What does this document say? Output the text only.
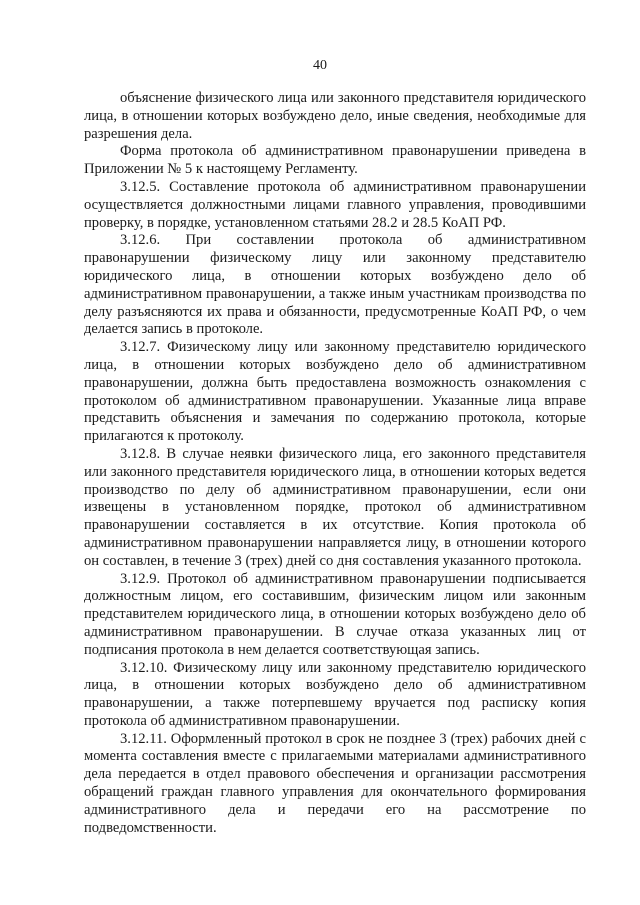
40

объяснение физического лица или законного представителя юридического лица, в отношении которых возбуждено дело, иные сведения, необходимые для разрешения дела.

Форма протокола об административном правонарушении приведена в Приложении № 5 к настоящему Регламенту.

3.12.5. Составление протокола об административном правонарушении осуществляется должностными лицами главного управления, проводившими проверку, в порядке, установленном статьями 28.2 и 28.5 КоАП РФ.

3.12.6. При составлении протокола об административном правонарушении физическому лицу или законному представителю юридического лица, в отношении которых возбуждено дело об административном правонарушении, а также иным участникам производства по делу разъясняются их права и обязанности, предусмотренные КоАП РФ, о чем делается запись в протоколе.

3.12.7. Физическому лицу или законному представителю юридического лица, в отношении которых возбуждено дело об административном правонарушении, должна быть предоставлена возможность ознакомления с протоколом об административном правонарушении. Указанные лица вправе представить объяснения и замечания по содержанию протокола, которые прилагаются к протоколу.

3.12.8. В случае неявки физического лица, его законного представителя или законного представителя юридического лица, в отношении которых ведется производство по делу об административном правонарушении, если они извещены в установленном порядке, протокол об административном правонарушении составляется в их отсутствие. Копия протокола об административном правонарушении направляется лицу, в отношении которого он составлен, в течение 3 (трех) дней со дня составления указанного протокола.

3.12.9. Протокол об административном правонарушении подписывается должностным лицом, его составившим, физическим лицом или законным представителем юридического лица, в отношении которых возбуждено дело об административном правонарушении. В случае отказа указанных лиц от подписания протокола в нем делается соответствующая запись.

3.12.10. Физическому лицу или законному представителю юридического лица, в отношении которых возбуждено дело об административном правонарушении, а также потерпевшему вручается под расписку копия протокола об административном правонарушении.

3.12.11. Оформленный протокол в срок не позднее 3 (трех) рабочих дней с момента составления вместе с прилагаемыми материалами административного дела передается в отдел правового обеспечения и организации рассмотрения обращений граждан главного управления для окончательного формирования административного дела и передачи его на рассмотрение по подведомственности.
